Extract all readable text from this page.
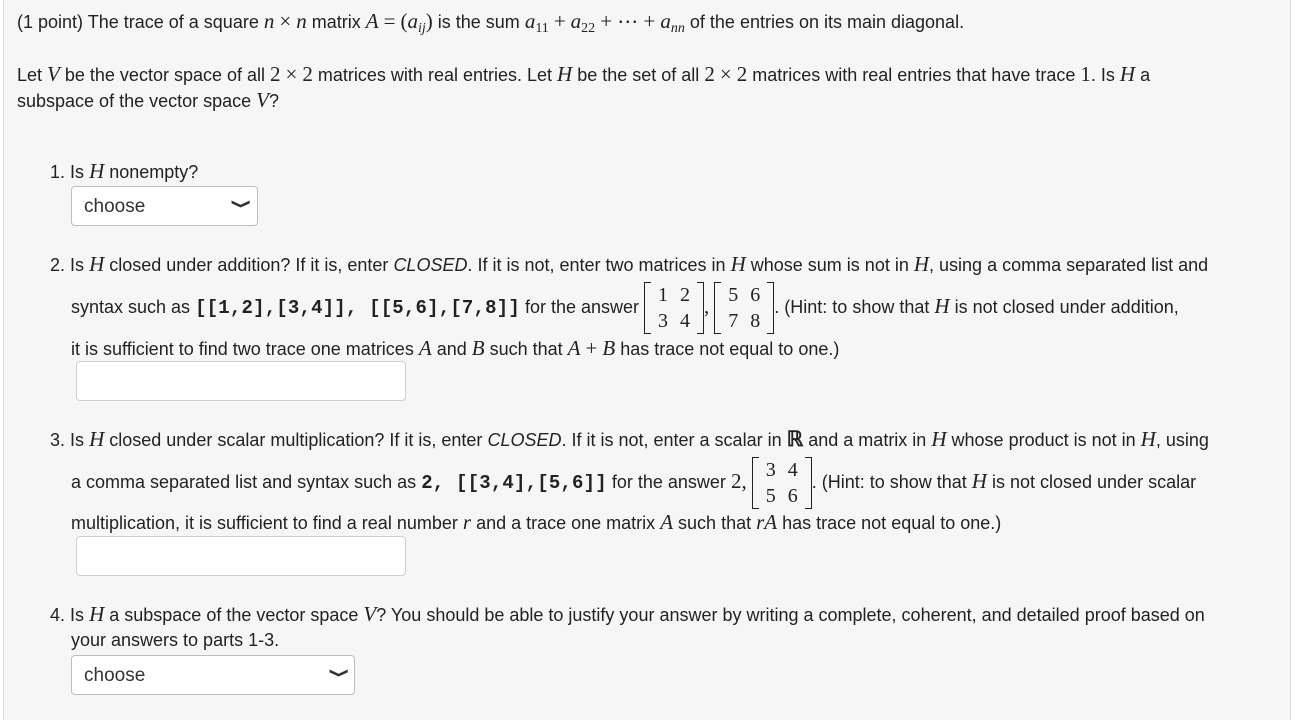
(1 point) The trace of a square n × n matrix $A = (a_{ij})$ is the sum $a_{11} + a_{22}$ + ⋯ + $a_{nn}$ of the entries on its main diagonal.
Let V be the vector space of all 2 × 2 matrices with real entries. Let H be the set of all 2 × 2 matrices with real entries that have trace 1. Is H a
subspace of the vector space V?
1. Is H nonempty?
choose
❯
2. Is H closed under addition? If it is, enter CLOSED. If it is not, enter two matrices in H whose sum is not in H, using a comma separated list and
syntax such as [[1,2],[3,4]], [[5,6],[7,8]] for the answer
1	2
3	4
, 5	6
7	8
. (Hint: to show that H is not closed under addition,
it is sufficient to find two trace one matrices A and B such that A + B has trace not equal to one.)
3. Is H closed under scalar multiplication? If it is, enter CLOSED. If it is not, enter a scalar in ℝ and a matrix in H whose product is not in H, using
a comma separated list and syntax such as 2, [[3,4],[5,6]] for the answer 2, 3	4
5	6
. (Hint: to show that H is not closed under scalar
multiplication, it is sufficient to find a real number r and a trace one matrix A such that rA has trace not equal to one.)
4. Is H a subspace of the vector space V? You should be able to justify your answer by writing a complete, coherent, and detailed proof based on
your answers to parts 1-3.
choose
❯
